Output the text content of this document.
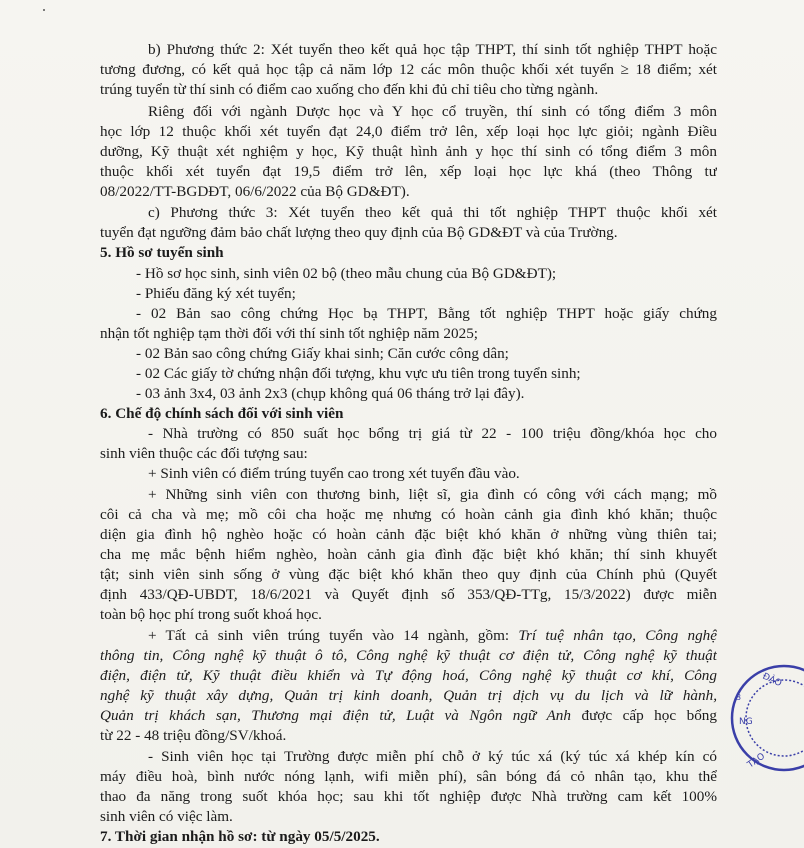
b) Phương thức 2: Xét tuyển theo kết quả học tập THPT, thí sinh tốt nghiệp THPT hoặc
tương đương, có kết quả học tập cả năm lớp 12 các môn thuộc khối xét tuyển ≥ 18 điểm; xét
trúng tuyển từ thí sinh có điểm cao xuống cho đến khi đủ chỉ tiêu cho từng ngành.
Riêng đối với ngành Dược học và Y học cổ truyền, thí sinh có tổng điểm 3 môn
học lớp 12 thuộc khối xét tuyển đạt 24,0 điểm trở lên, xếp loại học lực giỏi; ngành Điều
dưỡng, Kỹ thuật xét nghiệm y học, Kỹ thuật hình ảnh y học thí sinh có tổng điểm 3 môn
thuộc khối xét tuyển đạt 19,5 điểm trở lên, xếp loại học lực khá (theo Thông tư
08/2022/TT-BGDĐT, 06/6/2022 của Bộ GD&ĐT).
c) Phương thức 3: Xét tuyển theo kết quả thi tốt nghiệp THPT thuộc khối xét
tuyển đạt ngưỡng đảm bảo chất lượng theo quy định của Bộ GD&ĐT và của Trường.
5. Hồ sơ tuyển sinh
- Hồ sơ học sinh, sinh viên 02 bộ (theo mẫu chung của Bộ GD&ĐT);
- Phiếu đăng ký xét tuyển;
- 02 Bản sao công chứng Học bạ THPT, Bằng tốt nghiệp THPT hoặc giấy chứng
nhận tốt nghiệp tạm thời đối với thí sinh tốt nghiệp năm 2025;
- 02 Bản sao công chứng Giấy khai sinh; Căn cước công dân;
- 02 Các giấy tờ chứng nhận đối tượng, khu vực ưu tiên trong tuyển sinh;
- 03 ảnh 3x4, 03 ảnh 2x3 (chụp không quá 06 tháng trở lại đây).
6. Chế độ chính sách đối với sinh viên
- Nhà trường có 850 suất học bổng trị giá từ 22 - 100 triệu đồng/khóa học cho
sinh viên thuộc các đối tượng sau:
+ Sinh viên có điểm trúng tuyển cao trong xét tuyển đầu vào.
+ Những sinh viên con thương binh, liệt sĩ, gia đình có công với cách mạng; mồ
côi cả cha và mẹ; mồ côi cha hoặc mẹ nhưng có hoàn cảnh gia đình khó khăn; thuộc
diện gia đình hộ nghèo hoặc có hoàn cảnh đặc biệt khó khăn ở những vùng thiên tai;
cha mẹ mắc bệnh hiểm nghèo, hoàn cảnh gia đình đặc biệt khó khăn; thí sinh khuyết
tật; sinh viên sinh sống ở vùng đặc biệt khó khăn theo quy định của Chính phủ (Quyết
định 433/QĐ-UBDT, 18/6/2021 và Quyết định số 353/QĐ-TTg, 15/3/2022) được miễn
toàn bộ học phí trong suốt khoá học.
+ Tất cả sinh viên trúng tuyển vào 14 ngành, gồm: Trí tuệ nhân tạo, Công nghệ
thông tin, Công nghệ kỹ thuật ô tô, Công nghệ kỹ thuật cơ điện tử, Công nghệ kỹ thuật
điện, điện tử, Kỹ thuật điều khiển và Tự động hoá, Công nghệ kỹ thuật cơ khí, Công
nghệ kỹ thuật xây dựng, Quản trị kinh doanh, Quản trị dịch vụ du lịch và lữ hành,
Quản trị khách sạn, Thương mại điện tử, Luật và Ngôn ngữ Anh được cấp học bổng
từ 22 - 48 triệu đồng/SV/khoá.
- Sinh viên học tại Trường được miễn phí chỗ ở ký túc xá (ký túc xá khép kín có
máy điều hoà, bình nước nóng lạnh, wifi miễn phí), sân bóng đá cỏ nhân tạo, khu thể
thao đa năng trong suốt khóa học; sau khi tốt nghiệp được Nhà trường cam kết 100%
sinh viên có việc làm.
7. Thời gian nhận hồ sơ: từ ngày 05/5/2025.
ĐÀO
TẠO
NG
3
